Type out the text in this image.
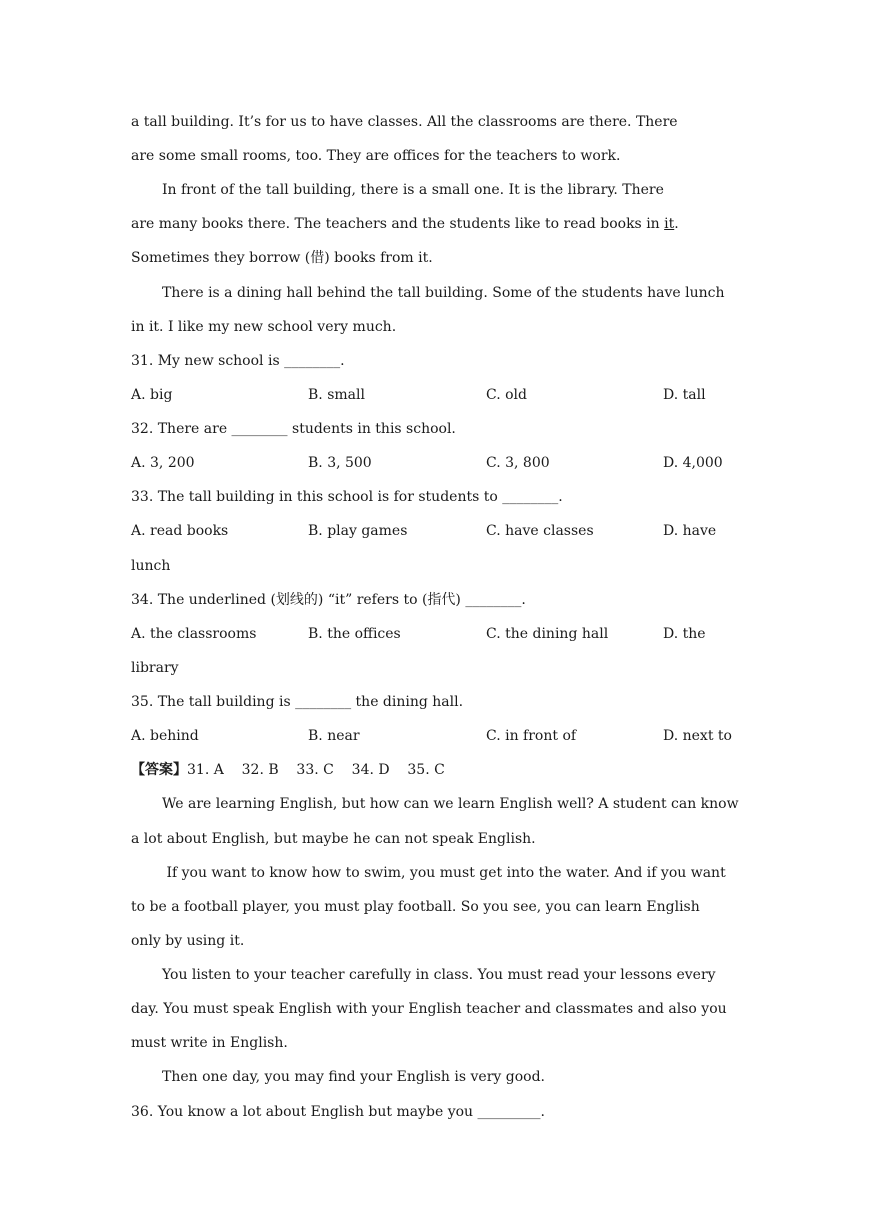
a tall building. It’s for us to have classes. All the classrooms are there. There
are some small rooms, too. They are offices for the teachers to work.
In front of the tall building, there is a small one. It is the library. There
are many books there. The teachers and the students like to read books in it.
Sometimes they borrow (借) books from it.
There is a dining hall behind the tall building. Some of the students have lunch
in it. I like my new school very much.
31. My new school is ________.
A. big	B. small	C. old	D. tall
32. There are ________ students in this school.
A. 3, 200	B. 3, 500	C. 3, 800	D. 4,000
33. The tall building in this school is for students to ________.
A. read books	B. play games	C. have classes	D. have
lunch
34. The underlined (划线的) “it” refers to (指代) ________.
A. the classrooms	B. the offices	C. the dining hall	D. the
library
35. The tall building is ________ the dining hall.
A. behind	B. near	C. in front of	D. next to
【答案】31. A    32. B    33. C    34. D    35. C
We are learning English, but how can we learn English well? A student can know
a lot about English, but maybe he can not speak English.
If you want to know how to swim, you must get into the water. And if you want
to be a football player, you must play football. So you see, you can learn English
only by using it.
You listen to your teacher carefully in class. You must read your lessons every
day. You must speak English with your English teacher and classmates and also you
must write in English.
Then one day, you may find your English is very good.
36. You know a lot about English but maybe you _________.
